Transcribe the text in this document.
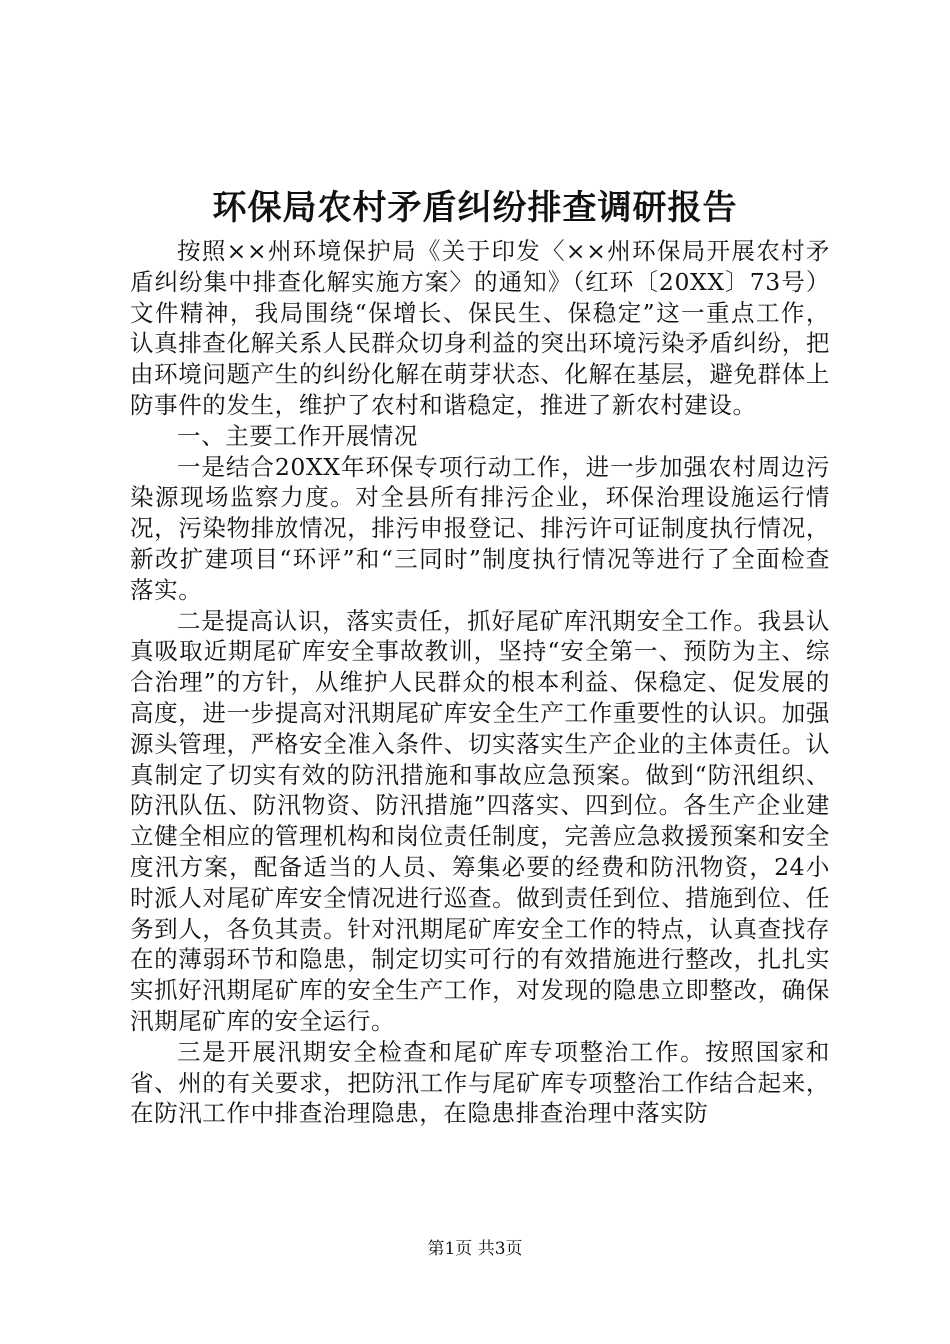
环保局农村矛盾纠纷排查调研报告

按照××州环境保护局《关于印发〈××州环保局开展农村矛盾纠纷集中排查化解实施方案〉的通知》（红环〔20XX〕73号）文件精神，我局围绕“保增长、保民生、保稳定”这一重点工作，认真排查化解关系人民群众切身利益的突出环境污染矛盾纠纷，把由环境问题产生的纠纷化解在萌芽状态、化解在基层，避免群体上防事件的发生，维护了农村和谐稳定，推进了新农村建设。

一、主要工作开展情况

一是结合20XX年环保专项行动工作，进一步加强农村周边污染源现场监察力度。对全县所有排污企业，环保治理设施运行情况，污染物排放情况，排污申报登记、排污许可证制度执行情况，新改扩建项目“环评”和“三同时”制度执行情况等进行了全面检查落实。

二是提高认识，落实责任，抓好尾矿库汛期安全工作。我县认真吸取近期尾矿库安全事故教训，坚持“安全第一、预防为主、综合治理”的方针，从维护人民群众的根本利益、保稳定、促发展的高度，进一步提高对汛期尾矿库安全生产工作重要性的认识。加强源头管理，严格安全准入条件、切实落实生产企业的主体责任。认真制定了切实有效的防汛措施和事故应急预案。做到“防汛组织、防汛队伍、防汛物资、防汛措施”四落实、四到位。各生产企业建立健全相应的管理机构和岗位责任制度，完善应急救援预案和安全度汛方案，配备适当的人员、筹集必要的经费和防汛物资，24小时派人对尾矿库安全情况进行巡查。做到责任到位、措施到位、任务到人，各负其责。针对汛期尾矿库安全工作的特点，认真查找存在的薄弱环节和隐患，制定切实可行的有效措施进行整改，扎扎实实抓好汛期尾矿库的安全生产工作，对发现的隐患立即整改，确保汛期尾矿库的安全运行。

三是开展汛期安全检查和尾矿库专项整治工作。按照国家和省、州的有关要求，把防汛工作与尾矿库专项整治工作结合起来，在防汛工作中排查治理隐患，在隐患排查治理中落实防

第1页 共3页
